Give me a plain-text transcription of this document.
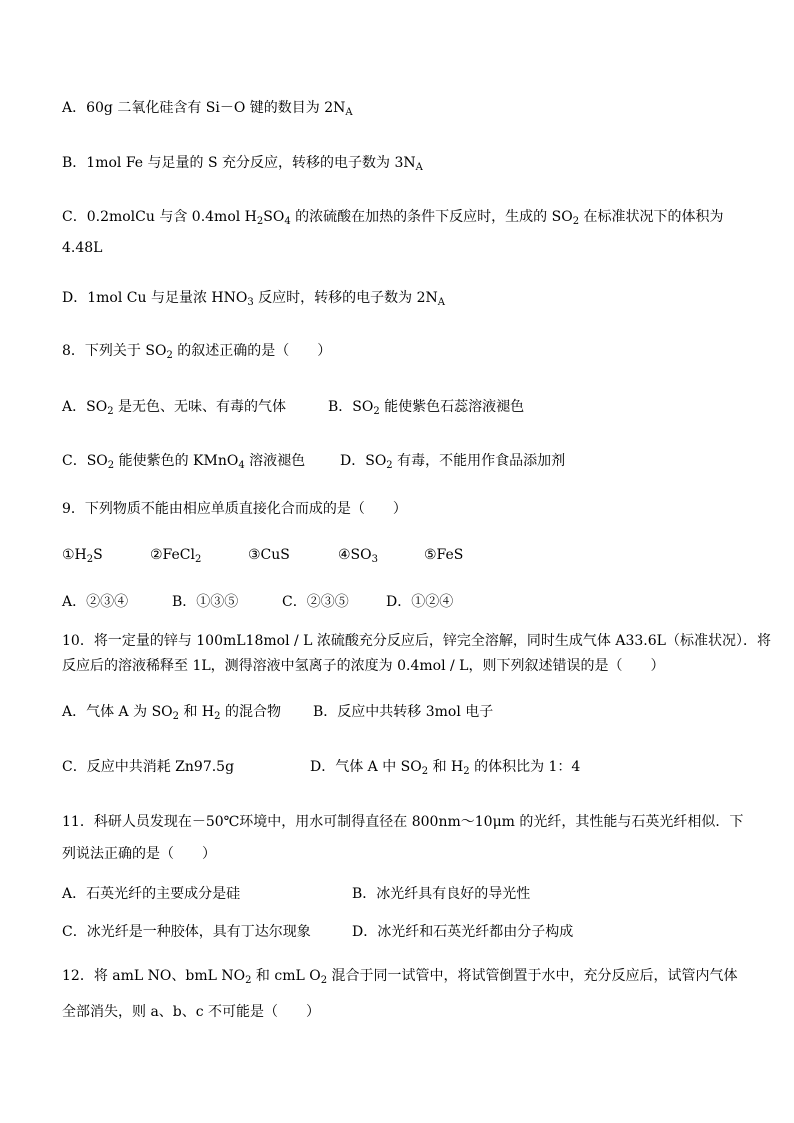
A．60g 二氧化硅含有 Si－O 键的数目为 $2N_A$
B．1mol Fe 与足量的 S 充分反应，转移的电子数为 $3N_A$
C．0.2molCu 与含 0.4mol $H_2SO_4$ 的浓硫酸在加热的条件下反应时，生成的 $SO_2$ 在标准状况下的体积为
4.48L
D．1mol Cu 与足量浓 $HNO_3$ 反应时，转移的电子数为 $2N_A$
8．下列关于 $SO_2$ 的叙述正确的是（　　）
A．$SO_2$ 是无色、无味、有毒的气体	B．$SO_2$ 能使紫色石蕊溶液褪色
C．$SO_2$ 能使紫色的 KMnO$_4$ 溶液褪色 D．$SO_2$ 有毒，不能用作食品添加剂
9．下列物质不能由相应单质直接化合而成的是（　　）
$①H_2S$	②FeCl$_2$	③CuS	$④SO_3$	⑤FeS
A．②③④	B．①③⑤	C．②③⑤	D．①②④
10．将一定量的锌与 100mL18mol / L 浓硫酸充分反应后，锌完全溶解，同时生成气体 A33.6L（标准状况）．将
反应后的溶液稀释至 1L，测得溶液中氢离子的浓度为 0.4mol / L，则下列叙述错误的是（　　）
A．气体 A 为 $SO_2$ 和 $H_2$ 的混合物 B．反应中共转移 3mol 电子
C．反应中共消耗 Zn97.5g	D．气体 A 中 $SO_2$ 和 $H_2$ 的体积比为 1：4
11．科研人员发现在－50℃环境中，用水可制得直径在 800nm～10μm 的光纤，其性能与石英光纤相似．下
列说法正确的是（　　）
A．石英光纤的主要成分是硅	B．冰光纤具有良好的导光性
C．冰光纤是一种胶体，具有丁达尔现象	D．冰光纤和石英光纤都由分子构成
12．将 amL NO、bmL $NO_2$ 和 cmL $O_2$ 混合于同一试管中，将试管倒置于水中，充分反应后，试管内气体
全部消失，则 a、b、c 不可能是（　　）
